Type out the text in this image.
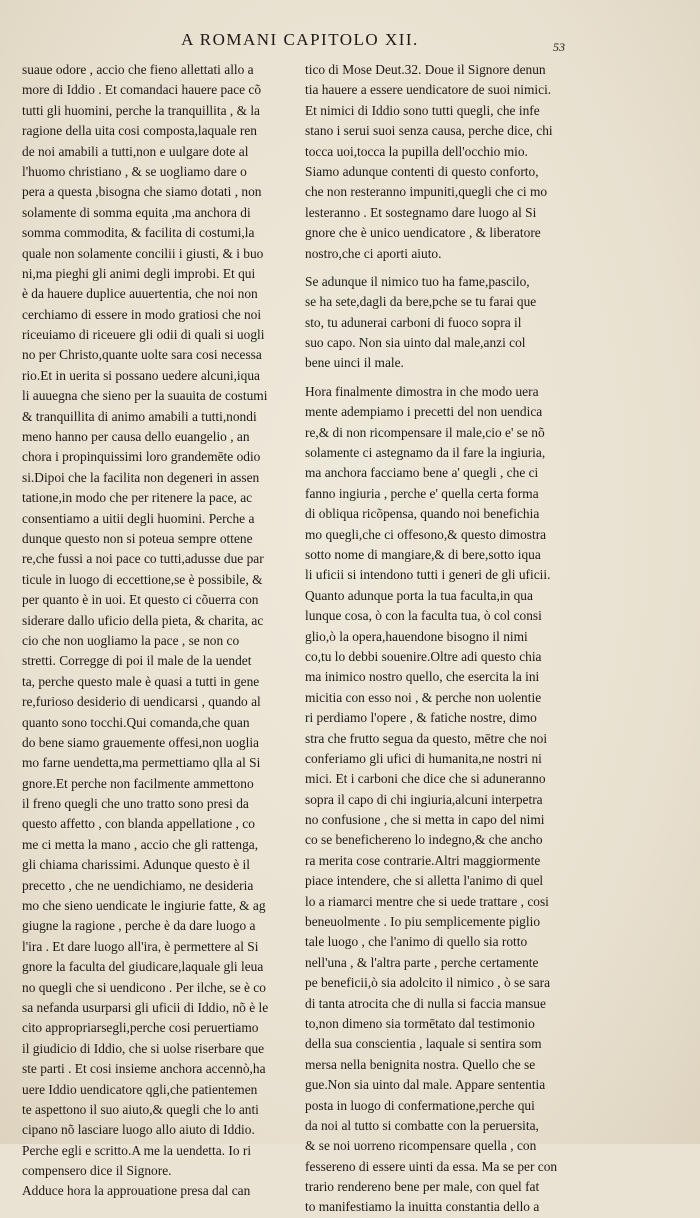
A ROMANI CAPITOLO XII.	53
suaue odore , accio che fieno allettati allo a
more di Iddio . Et comandaci hauere pace cõ
tutti gli huomini, perche la tranquillita , & la
ragione della uita cosi composta,laquale ren
de noi amabili a tutti,non e uulgare dote al
l'huomo christiano , & se uogliamo dare o
pera a questa ,bisogna che siamo dotati , non
solamente di somma equita ,ma anchora di
somma commodita, & facilita di costumi,la
quale non solamente concilii i giusti, & i buo
ni,ma pieghi gli animi degli improbi. Et qui
è da hauere duplice auuertentia, che noi non
cerchiamo di essere in modo gratiosi che noi
riceuiamo di riceuere gli odii di quali si uogli
no per Christo,quante uolte sara cosi necessa
rio.Et in uerita si possano uedere alcuni,iqua
li auuegna che sieno per la suauita de costumi
& tranquillita di animo amabili a tutti,nondi
meno hanno per causa dello euangelio , an
chora i propinquissimi loro grandemēte odio
si.Dipoi che la facilita non degeneri in assen
tatione,in modo che per ritenere la pace, ac
consentiamo a uitii degli huomini. Perche a
dunque questo non si poteua sempre ottene
re,che fussi a noi pace co tutti,adusse due par
ticule in luogo di eccettione,se è possibile, &
per quanto è in uoi. Et questo ci cõuerra con
siderare dallo uficio della pieta, & charita, ac
cio che non uogliamo la pace , se non co
stretti. Corregge di poi il male de la uendet
ta, perche questo male è quasi a tutti in gene
re,furioso desiderio di uendicarsi , quando al
quanto sono tocchi.Qui comanda,che quan
do bene siamo grauemente offesi,non uoglia
mo farne uendetta,ma permettiamo qlla al Si
gnore.Et perche non facilmente ammettono
il freno quegli che uno tratto sono presi da
questo affetto , con blanda appellatione , co
me ci metta la mano , accio che gli rattenga,
gli chiama charissimi. Adunque questo è il
precetto , che ne uendichiamo, ne desideria
mo che sieno uendicate le ingiurie fatte, & ag
giugne la ragione , perche è da dare luogo a
l'ira . Et dare luogo all'ira, è permettere al Si
gnore la faculta del giudicare,laquale gli leua
no quegli che si uendicono . Per ilche, se è co
sa nefanda usurparsi gli uficii di Iddio, nõ è le
cito appropriarsegli,perche cosi peruertiamo
il giudicio di Iddio, che si uolse riserbare que
ste parti . Et cosi insieme anchora accennò,ha
uere Iddio uendicatore qgli,che patientemen
te aspettono il suo aiuto,& quegli che lo anti
cipano nõ lasciare luogo allo aiuto di Iddio.
Perche egli e scritto.A me la uendetta. Io ri
compensero dice il Signore.
Adduce hora la approuatione presa dal can
tico di Mose Deut.32. Doue il Signore denun
tia hauere a essere uendicatore de suoi nimici.
Et nimici di Iddio sono tutti quegli, che infe
stano i serui suoi senza causa, perche dice, chi
tocca uoi,tocca la pupilla dell'occhio mio.
Siamo adunque contenti di questo conforto,
che non resteranno impuniti,quegli che ci mo
lesteranno . Et sostegnamo dare luogo al Si
gnore che è unico uendicatore , & liberatore
nostro,che ci aporti aiuto.
Se adunque il nimico tuo ha fame,pascilo,
se ha sete,dagli da bere,pche se tu farai que
sto, tu adunerai carboni di fuoco sopra il
suo capo. Non sia uinto dal male,anzi col
bene uinci il male.
Hora finalmente dimostra in che modo uera
mente adempiamo i precetti del non uendica
re,& di non ricompensare il male,cio e' se nõ
solamente ci astegnamo da il fare la ingiuria,
ma anchora facciamo bene a' quegli , che ci
fanno ingiuria , perche e' quella certa forma
di obliqua ricõpensa, quando noi benefichia
mo quegli,che ci offesono,& questo dimostra
sotto nome di mangiare,& di bere,sotto iqua
li uficii si intendono tutti i generi de gli uficii.
Quanto adunque porta la tua faculta,in qua
lunque cosa, ò con la faculta tua, ò col consi
glio,ò la opera,hauendone bisogno il nimi
co,tu lo debbi souenire.Oltre adi questo chia
ma inimico nostro quello, che esercita la ini
micitia con esso noi , & perche non uolentie
ri perdiamo l'opere , & fatiche nostre, dimo
stra che frutto segua da questo, mētre che noi
conferiamo gli ufici di humanita,ne nostri ni
mici. Et i carboni che dice che si aduneranno
sopra il capo di chi ingiuria,alcuni interpetra
no confusione , che si metta in capo del nimi
co se benefichereno lo indegno,& che ancho
ra merita cose contrarie.Altri maggiormente
piace intendere, che si alletta l'animo di quel
lo a riamarci mentre che si uede trattare , cosi
beneuolmente . Io piu semplicemente piglio
tale luogo , che l'animo di quello sia rotto
nell'una , & l'altra parte , perche certamente
pe beneficii,ò sia adolcito il nimico , ò se sara
di tanta atrocita che di nulla si faccia mansue
to,non dimeno sia tormētato dal testimonio
della sua conscientia , laquale si sentira som
mersa nella benignita nostra. Quello che se
gue.Non sia uinto dal male. Appare sententia
posta in luogo di confermatione,perche qui
da noi al tutto si combatte con la peruersita,
& se noi uorreno ricompensare quella , con
fessereno di essere uinti da essa. Ma se per con
trario rendereno bene per male, con quel fat
to manifestiamo la inuitta constantia dello a
